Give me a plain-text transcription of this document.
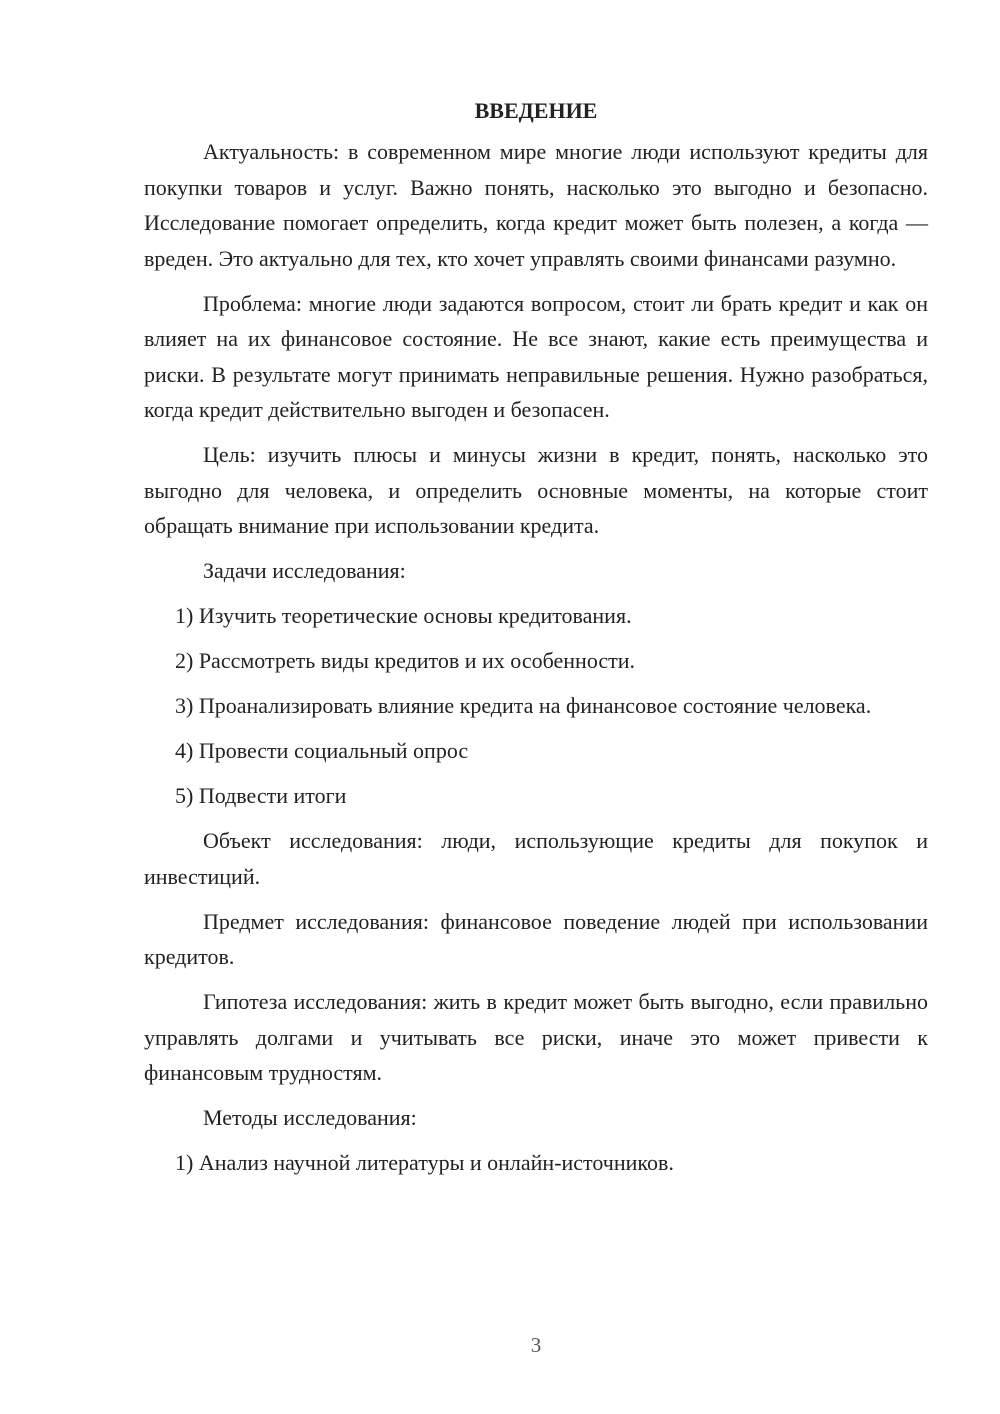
ВВЕДЕНИЕ

Актуальность: в современном мире многие люди используют кредиты для покупки товаров и услуг. Важно понять, насколько это выгодно и безопасно. Исследование помогает определить, когда кредит может быть полезен, а когда — вреден. Это актуально для тех, кто хочет управлять своими финансами разумно.

Проблема: многие люди задаются вопросом, стоит ли брать кредит и как он влияет на их финансовое состояние. Не все знают, какие есть преимущества и риски. В результате могут принимать неправильные решения. Нужно разобраться, когда кредит действительно выгоден и безопасен.

Цель: изучить плюсы и минусы жизни в кредит, понять, насколько это выгодно для человека, и определить основные моменты, на которые стоит обращать внимание при использовании кредита.

Задачи исследования:

1) Изучить теоретические основы кредитования.

2) Рассмотреть виды кредитов и их особенности.

3) Проанализировать влияние кредита на финансовое состояние человека.

4) Провести социальный опрос

5) Подвести итоги

Объект исследования: люди, использующие кредиты для покупок и инвестиций.

Предмет исследования: финансовое поведение людей при использовании кредитов.

Гипотеза исследования: жить в кредит может быть выгодно, если правильно управлять долгами и учитывать все риски, иначе это может привести к финансовым трудностям.

Методы исследования:

1) Анализ научной литературы и онлайн-источников.

3
